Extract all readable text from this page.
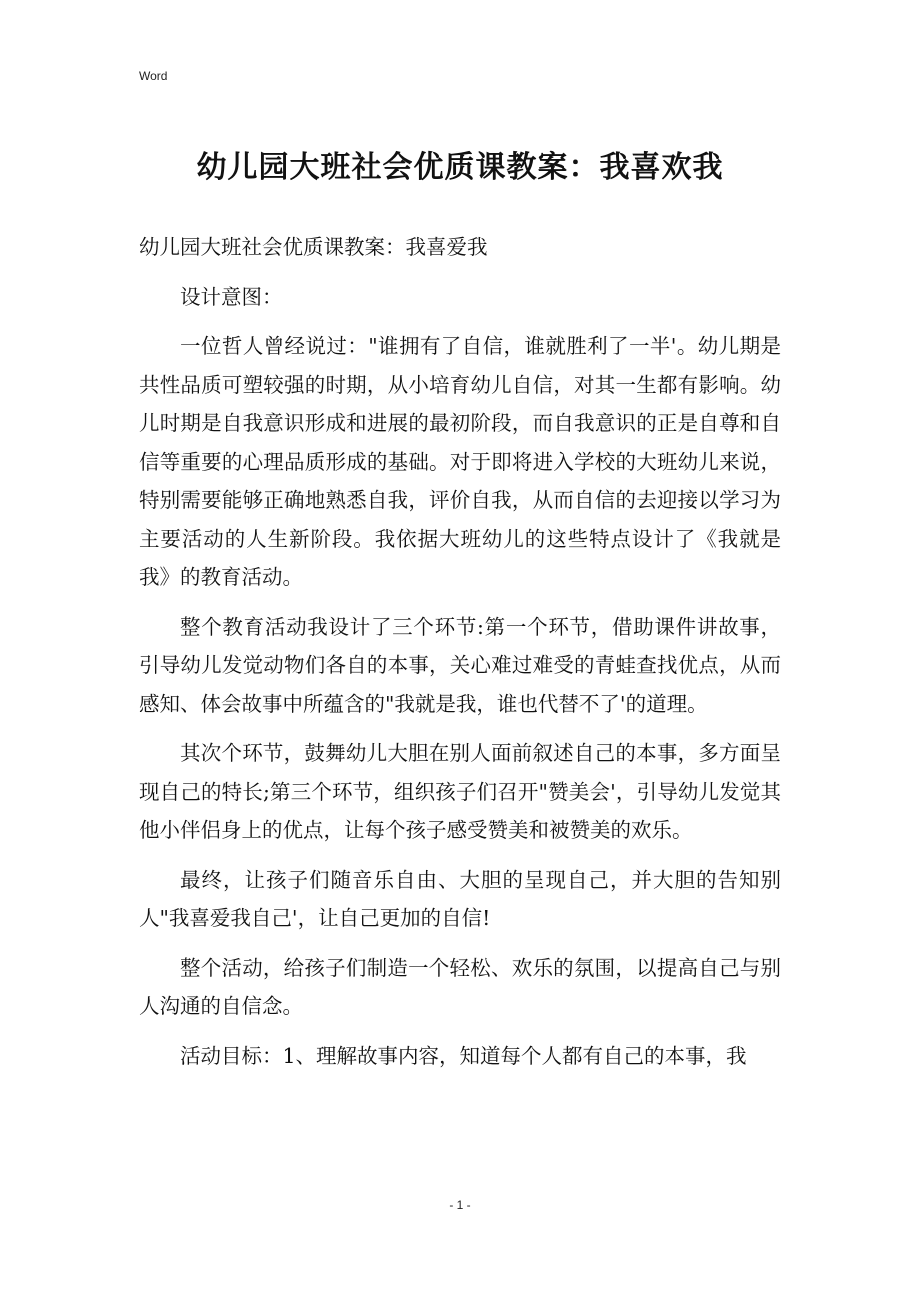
Word
幼儿园大班社会优质课教案：我喜欢我

幼儿园大班社会优质课教案：我喜爱我

设计意图：

一位哲人曾经说过："谁拥有了自信，谁就胜利了一半'。幼儿期是共性品质可塑较强的时期，从小培育幼儿自信，对其一生都有影响。幼儿时期是自我意识形成和进展的最初阶段，而自我意识的正是自尊和自信等重要的心理品质形成的基础。对于即将进入学校的大班幼儿来说，特别需要能够正确地熟悉自我，评价自我，从而自信的去迎接以学习为主要活动的人生新阶段。我依据大班幼儿的这些特点设计了《我就是我》的教育活动。

整个教育活动我设计了三个环节:第一个环节，借助课件讲故事，引导幼儿发觉动物们各自的本事，关心难过难受的青蛙查找优点，从而感知、体会故事中所蕴含的"我就是我，谁也代替不了'的道理。

其次个环节，鼓舞幼儿大胆在别人面前叙述自己的本事，多方面呈现自己的特长;第三个环节，组织孩子们召开"赞美会'，引导幼儿发觉其他小伴侣身上的优点，让每个孩子感受赞美和被赞美的欢乐。

最终，让孩子们随音乐自由、大胆的呈现自己，并大胆的告知别人"我喜爱我自己'，让自己更加的自信!

整个活动，给孩子们制造一个轻松、欢乐的氛围，以提高自己与别人沟通的自信念。

活动目标：1、理解故事内容，知道每个人都有自己的本事，我

- 1 -
